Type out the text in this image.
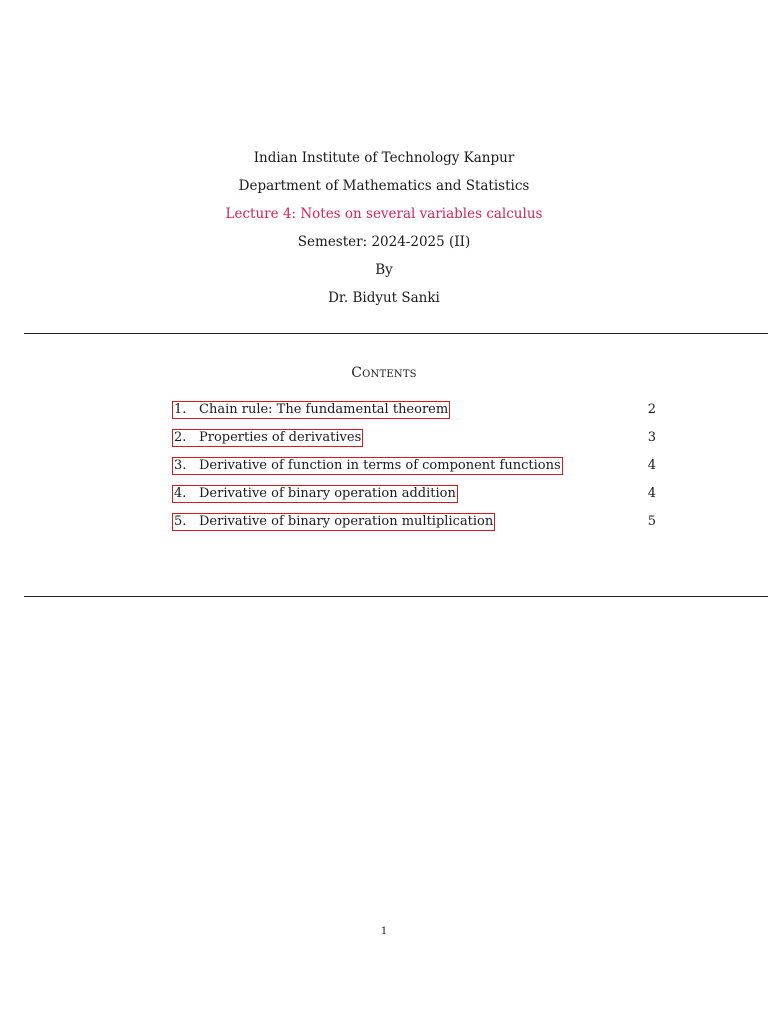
Indian Institute of Technology Kanpur
Department of Mathematics and Statistics
Lecture 4: Notes on several variables calculus
Semester: 2024-2025 (II)
By
Dr. Bidyut Sanki
Contents
1. Chain rule: The fundamental theorem	2
2. Properties of derivatives	3
3. Derivative of function in terms of component functions	4
4. Derivative of binary operation addition	4
5. Derivative of binary operation multiplication	5
1
